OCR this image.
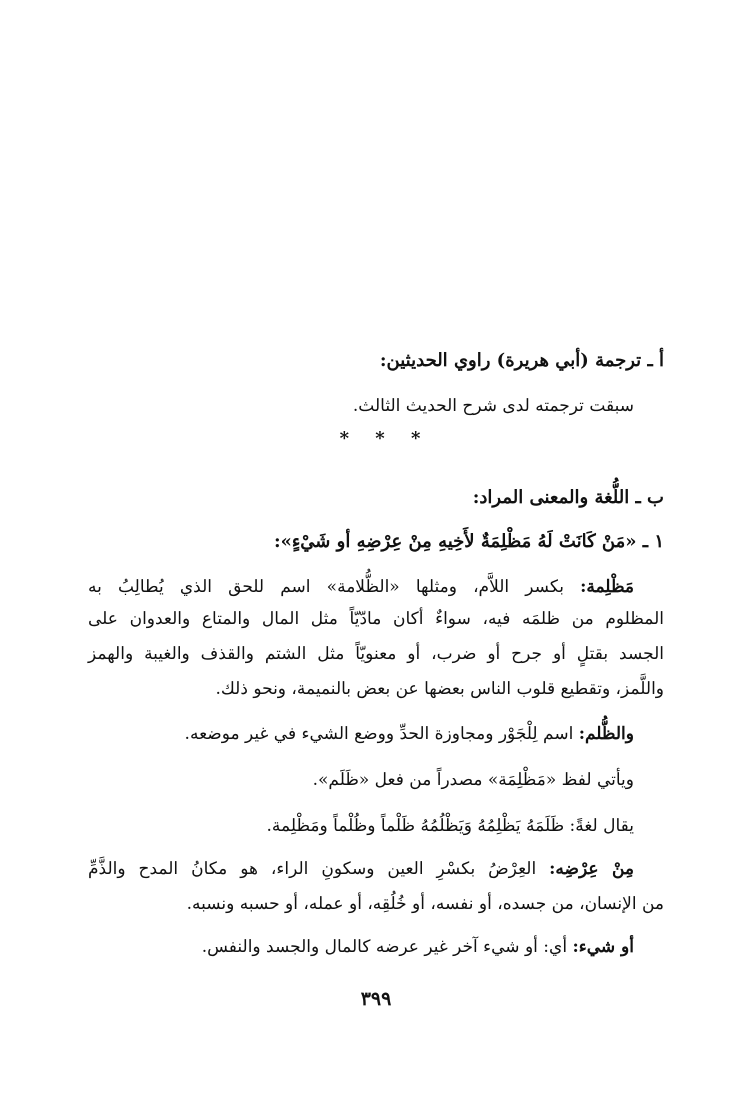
أ ـ ترجمة (أبي هريرة) راوي الحديثين:
سبقت ترجمته لدى شرح الحديث الثالث.
* * *
ب ـ اللُّغة والمعنى المراد:
١ ـ «مَنْ كَانَتْ لَهُ مَظْلِمَةٌ لأَخِيهِ مِنْ عِرْضِهِ أو شَيْءٍ»:
مَظْلِمة: بكسر اللاَّم، ومثلها «الظُّلامة» اسم للحق الذي يُطالِبُ به
المظلوم من ظلمَه فيه، سواءٌ أكان مادّيّاً مثل المال والمتاع والعدوان على
الجسد بقتلٍ أو جرح أو ضرب، أو معنويّاً مثل الشتم والقذف والغيبة والهمز
واللَّمز، وتقطيع قلوب الناس بعضها عن بعض بالنميمة، ونحو ذلك.
والظُّلم: اسم لِلْجَوْر ومجاوزة الحدِّ ووضع الشيء في غير موضعه.
ويأتي لفظ «مَظْلِمَة» مصدراً من فعل «ظَلَم».
يقال لغةً: ظَلَمَهُ يَظْلِمُهُ وَيَظْلُمُهُ ظَلْماً وظُلْماً ومَظْلِمة.
مِنْ عِرْضِه: العِرْضُ بكسْرِ العين وسكونِ الراء، هو مكانُ المدح والذَّمِّ
من الإنسان، من جسده، أو نفسه، أو خُلُقِه، أو عمله، أو حسبه ونسبه.
أو شيء: أي: أو شيء آخر غير عرضه كالمال والجسد والنفس.
٣٩٩
